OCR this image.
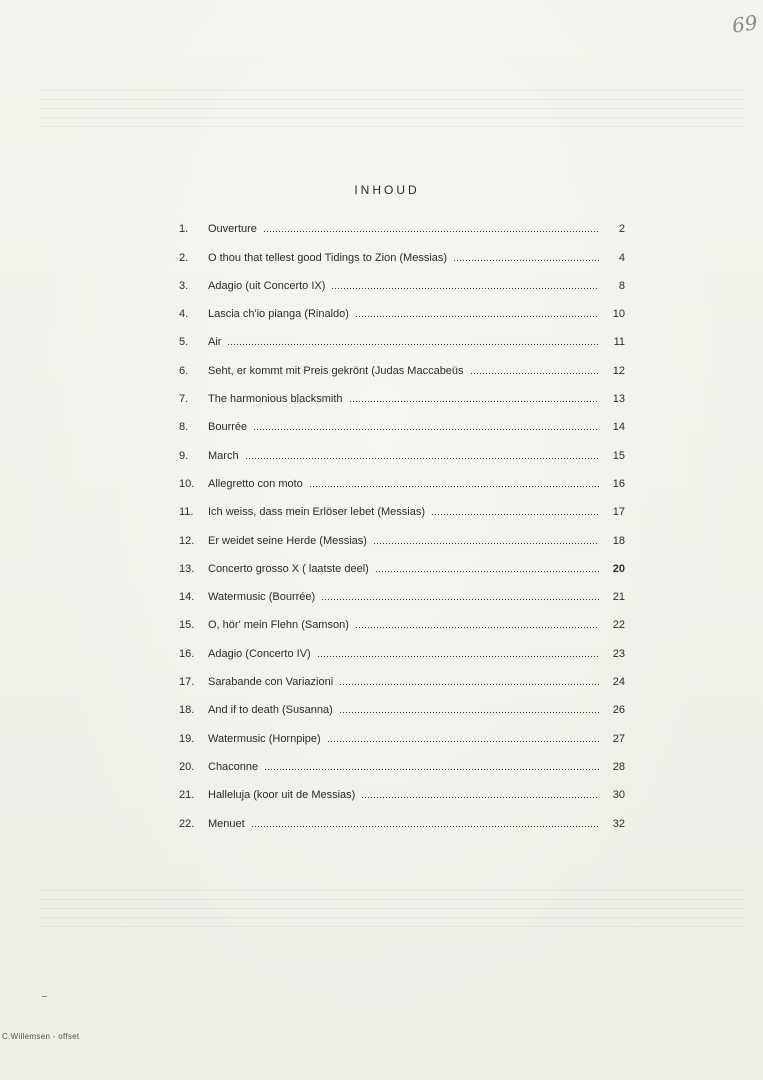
69
INHOUD
1.	Ouverture	2
2.	O thou that tellest good Tidings to Zion (Messias)	4
3.	Adagio (uit Concerto IX)	8
4.	Lascia ch'io pianga (Rinaldo)	10
5.	Air	11
6.	Seht, er kommt mit Preis gekrönt (Judas Maccabeüs	12
7.	The harmonious blacksmith	13
8.	Bourrée	14
9.	March	15
10.	Allegretto con moto	16
11.	Ich weiss, dass mein Erlöser lebet (Messias)	17
12.	Er weidet seine Herde (Messias)	18
13.	Concerto grosso X ( laatste deel)	20
14.	Watermusic (Bourrée)	21
15.	O, hör' mein Flehn (Samson)	22
16.	Adagio (Concerto IV)	23
17.	Sarabande con Variazioni	24
18.	And if to death (Susanna)	26
19.	Watermusic (Hornpipe)	27
20.	Chaconne	28
21.	Halleluja (koor uit de Messias)	30
22.	Menuet	32
C.Willemsen - offset
